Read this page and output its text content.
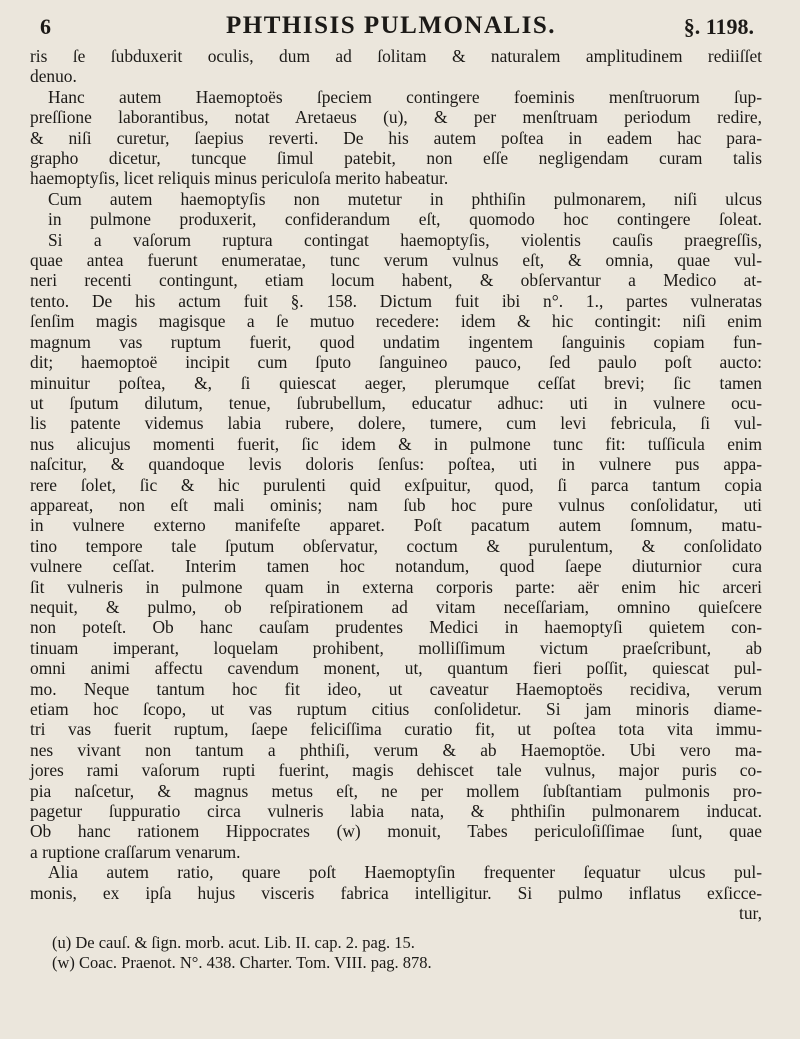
6	PHTHISIS PULMONALIS.	§. 1198.
ris ſe ſubduxerit oculis, dum ad ſolitam & naturalem amplitudinem rediiſſet
denuo.
Hanc autem Haemoptoës ſpeciem contingere foeminis menſtruorum ſup-
preſſione laborantibus, notat Aretaeus (u), & per menſtruam periodum redire,
& niſi curetur, ſaepius reverti. De his autem poſtea in eadem hac para-
grapho dicetur, tuncque ſimul patebit, non eſſe negligendam curam talis
haemoptyſis, licet reliquis minus periculoſa merito habeatur.
Cum autem haemoptyſis non mutetur in phthiſin pulmonarem, niſi ulcus
in pulmone produxerit, confiderandum eſt, quomodo hoc contingere ſoleat.
Si a vaſorum ruptura contingat haemoptyſis, violentis cauſis praegreſſis,
quae antea fuerunt enumeratae, tunc verum vulnus eſt, & omnia, quae vul-
neri recenti contingunt, etiam locum habent, & obſervantur a Medico at-
tento. De his actum fuit §. 158. Dictum fuit ibi n°. 1., partes vulneratas
ſenſim magis magisque a ſe mutuo recedere: idem & hic contingit: niſi enim
magnum vas ruptum fuerit, quod undatim ingentem ſanguinis copiam fun-
dit; haemoptoë incipit cum ſputo ſanguineo pauco, ſed paulo poſt aucto:
minuitur poſtea, &, ſi quiescat aeger, plerumque ceſſat brevi; ſic tamen
ut ſputum dilutum, tenue, ſubrubellum, educatur adhuc: uti in vulnere ocu-
lis patente videmus labia rubere, dolere, tumere, cum levi febricula, ſi vul-
nus alicujus momenti fuerit, ſic idem & in pulmone tunc fit: tuſſicula enim
naſcitur, & quandoque levis doloris ſenſus: poſtea, uti in vulnere pus appa-
rere ſolet, ſic & hic purulenti quid exſpuitur, quod, ſi parca tantum copia
appareat, non eſt mali ominis; nam ſub hoc pure vulnus conſolidatur, uti
in vulnere externo manifeſte apparet. Poſt pacatum autem ſomnum, matu-
tino tempore tale ſputum obſervatur, coctum & purulentum, & conſolidato
vulnere ceſſat. Interim tamen hoc notandum, quod ſaepe diuturnior cura
ſit vulneris in pulmone quam in externa corporis parte: aër enim hic arceri
nequit, & pulmo, ob reſpirationem ad vitam neceſſariam, omnino quieſcere
non poteſt. Ob hanc cauſam prudentes Medici in haemoptyſi quietem con-
tinuam imperant, loquelam prohibent, molliſſimum victum praeſcribunt, ab
omni animi affectu cavendum monent, ut, quantum fieri poſſit, quiescat pul-
mo. Neque tantum hoc fit ideo, ut caveatur Haemoptoës recidiva, verum
etiam hoc ſcopo, ut vas ruptum citius conſolidetur. Si jam minoris diame-
tri vas fuerit ruptum, ſaepe feliciſſima curatio fit, ut poſtea tota vita immu-
nes vivant non tantum a phthiſi, verum & ab Haemoptöe. Ubi vero ma-
jores rami vaſorum rupti fuerint, magis dehiscet tale vulnus, major puris co-
pia naſcetur, & magnus metus eſt, ne per mollem ſubſtantiam pulmonis pro-
pagetur ſuppuratio circa vulneris labia nata, & phthiſin pulmonarem inducat.
Ob hanc rationem Hippocrates (w) monuit, Tabes periculoſiſſimae ſunt, quae
a ruptione craſſarum venarum.
Alia autem ratio, quare poſt Haemoptyſin frequenter ſequatur ulcus pul-
monis, ex ipſa hujus visceris fabrica intelligitur. Si pulmo inflatus exſicce-
tur,
(u) De cauſ. & ſign. morb. acut. Lib. II. cap. 2. pag. 15.
(w) Coac. Praenot. N°. 438. Charter. Tom. VIII. pag. 878.
